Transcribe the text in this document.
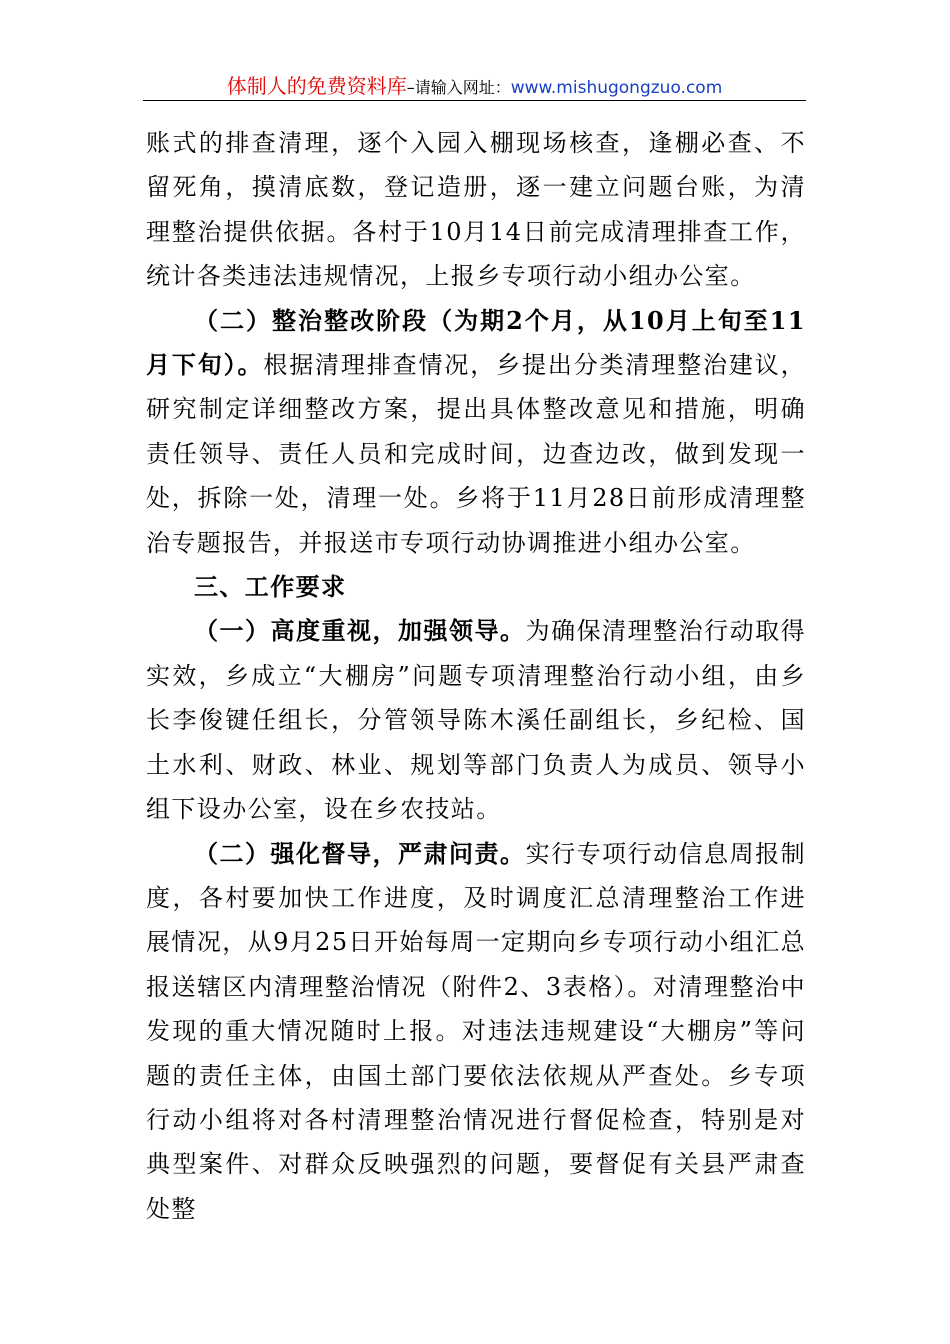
体制人的免费资料库–请输入网址：www.mishugongzuo.com

账式的排查清理，逐个入园入棚现场核查，逢棚必查、不留死角，摸清底数，登记造册，逐一建立问题台账，为清理整治提供依据。各村于10月14日前完成清理排查工作，统计各类违法违规情况，上报乡专项行动小组办公室。

（二）整治整改阶段（为期2个月，从10月上旬至11月下旬）。根据清理排查情况，乡提出分类清理整治建议，研究制定详细整改方案，提出具体整改意见和措施，明确责任领导、责任人员和完成时间，边查边改，做到发现一处，拆除一处，清理一处。乡将于11月28日前形成清理整治专题报告，并报送市专项行动协调推进小组办公室。

三、工作要求

（一）高度重视，加强领导。为确保清理整治行动取得实效，乡成立“大棚房”问题专项清理整治行动小组，由乡长李俊键任组长，分管领导陈木溪任副组长，乡纪检、国土水利、财政、林业、规划等部门负责人为成员、领导小组下设办公室，设在乡农技站。

（二）强化督导，严肃问责。实行专项行动信息周报制度，各村要加快工作进度，及时调度汇总清理整治工作进展情况，从9月25日开始每周一定期向乡专项行动小组汇总报送辖区内清理整治情况（附件2、3表格）。对清理整治中发现的重大情况随时上报。对违法违规建设“大棚房”等问题的责任主体，由国土部门要依法依规从严查处。乡专项行动小组将对各村清理整治情况进行督促检查，特别是对典型案件、对群众反映强烈的问题，要督促有关县严肃查处整
